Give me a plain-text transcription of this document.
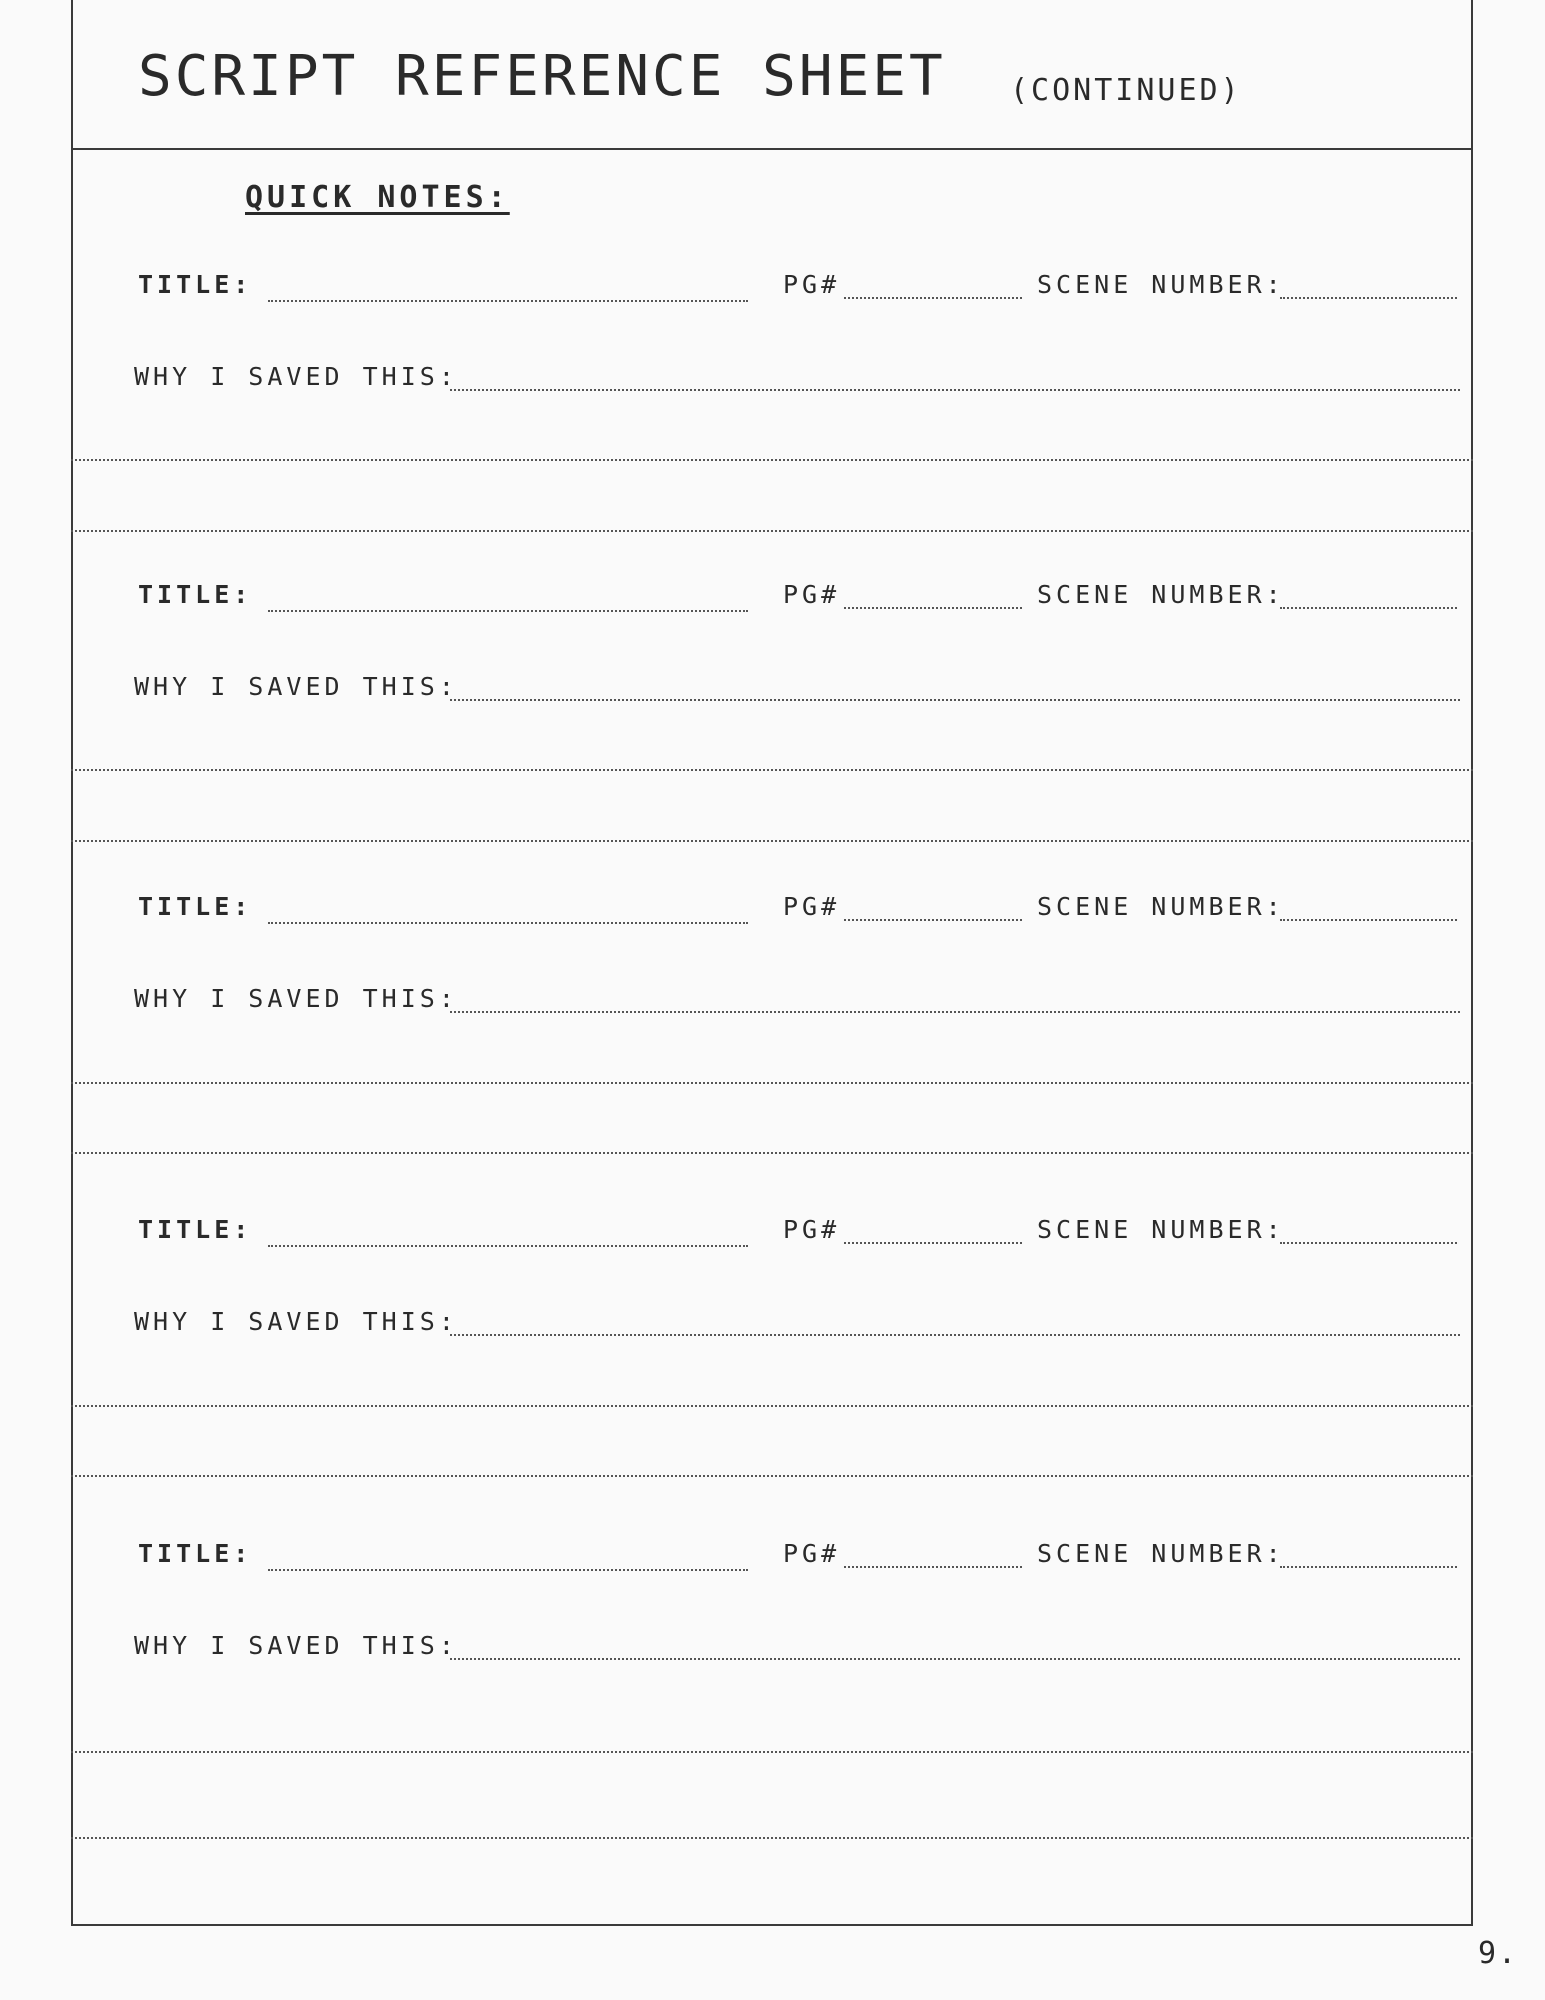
SCRIPT REFERENCE SHEET (CONTINUED)
QUICK NOTES:
TITLE:	PG#	SCENE NUMBER:
WHY I SAVED THIS:
TITLE:	PG#	SCENE NUMBER:
WHY I SAVED THIS:
TITLE:	PG#	SCENE NUMBER:
WHY I SAVED THIS:
TITLE:	PG#	SCENE NUMBER:
WHY I SAVED THIS:
TITLE:	PG#	SCENE NUMBER:
WHY I SAVED THIS:
9.
